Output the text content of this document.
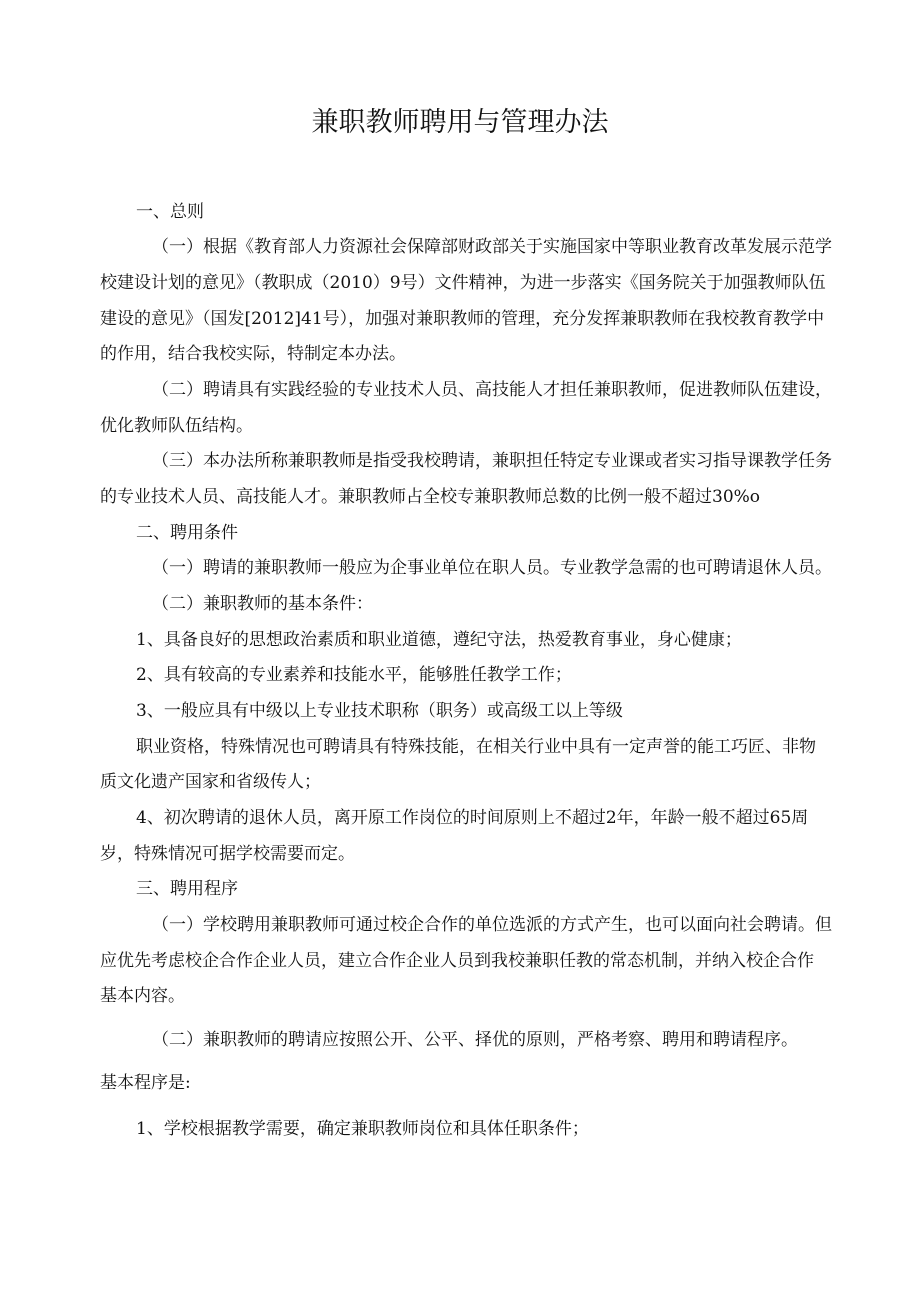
兼职教师聘用与管理办法

一、总则

（一）根据《教育部人力资源社会保障部财政部关于实施国家中等职业教育改革发展示范学

校建设计划的意见》（教职成（2010）9号）文件精神，为进一步落实《国务院关于加强教师队伍

建设的意见》（国发[2012]41号），加强对兼职教师的管理，充分发挥兼职教师在我校教育教学中

的作用，结合我校实际，特制定本办法。

（二）聘请具有实践经验的专业技术人员、高技能人才担任兼职教师，促进教师队伍建设，

优化教师队伍结构。

（三）本办法所称兼职教师是指受我校聘请，兼职担任特定专业课或者实习指导课教学任务

的专业技术人员、高技能人才。兼职教师占全校专兼职教师总数的比例一般不超过30%o

二、聘用条件

（一）聘请的兼职教师一般应为企事业单位在职人员。专业教学急需的也可聘请退休人员。

（二）兼职教师的基本条件：

1、具备良好的思想政治素质和职业道德，遵纪守法，热爱教育事业，身心健康；

2、具有较高的专业素养和技能水平，能够胜任教学工作；

3、一般应具有中级以上专业技术职称（职务）或高级工以上等级

职业资格，特殊情况也可聘请具有特殊技能，在相关行业中具有一定声誉的能工巧匠、非物

质文化遗产国家和省级传人；

4、初次聘请的退休人员，离开原工作岗位的时间原则上不超过2年，年龄一般不超过65周

岁，特殊情况可据学校需要而定。

三、聘用程序

（一）学校聘用兼职教师可通过校企合作的单位选派的方式产生，也可以面向社会聘请。但

应优先考虑校企合作企业人员，建立合作企业人员到我校兼职任教的常态机制，并纳入校企合作

基本内容。

（二）兼职教师的聘请应按照公开、公平、择优的原则，严格考察、聘用和聘请程序。

基本程序是:

1、学校根据教学需要，确定兼职教师岗位和具体任职条件；
